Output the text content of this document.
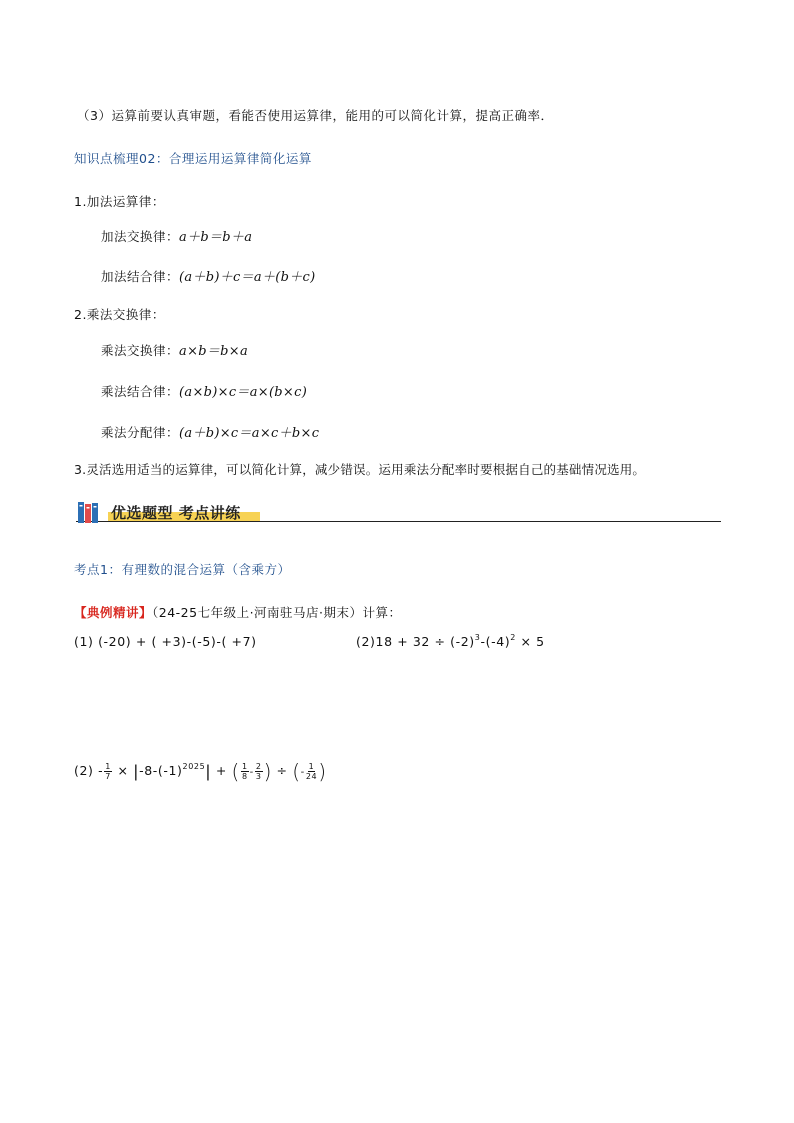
（3）运算前要认真审题，看能否使用运算律，能用的可以简化计算，提高正确率．
知识点梳理02：合理运用运算律简化运算
1.加法运算律：
加法交换律：a＋b＝b＋a
加法结合律：(a＋b)＋c＝a＋(b＋c)
2.乘法交换律：
乘法交换律：a×b＝b×a
乘法结合律：(a×b)×c＝a×(b×c)
乘法分配律：(a＋b)×c＝a×c＋b×c
3.灵活选用适当的运算律，可以简化计算，减少错误。运用乘法分配率时要根据自己的基础情况选用。
优选题型 考点讲练
考点1：有理数的混合运算（含乘方）
【典例精讲】（24-25七年级上·河南驻马店·期末）计算：
(1) (-20) + ( +3)-(-5)-( +7)	$(2)18 + 32 \div (-2)^3-(-4)^2 \times 5$
$(2) - \frac{1}{7} \times |-8-(-1)^{2025}|$ + ( $\frac{1}{8} - \frac{2}{3}$ ) ÷ (- $\frac{1}{24}$ )
